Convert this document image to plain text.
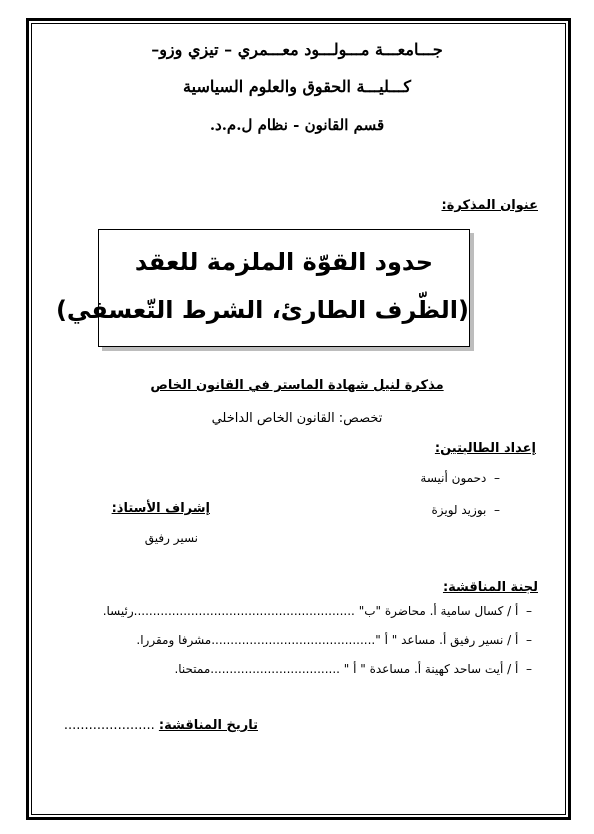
جـــامعـــة مـــولـــود معـــمري – تيزي وزو–
كـــليـــة الحقوق والعلوم السياسية
قسم القانون - نظام ل.م.د.
عنوان المذكرة:
حدود القوّة الملزمة للعقد
(الظّرف الطارئ، الشرط التّعسفي)
مذكرة لنيل شهادة الماستر في القانون الخاص
تخصص: القانون الخاص الداخلي
إعداد الطالبتين:
–  دحمون أنيسة
–  بوزيد لويزة
إشراف الأستاذ:
نسير رفيق
لجنة المناقشة:
–  أ / كسال سامية أ. محاضرة "ب" ..........................................................رئيسا.
–  أ / نسير رفيق أ. مساعد " أ "...........................................مشرفا ومقررا.
–  أ / أيت ساحد كهينة أ. مساعدة " أ " ..................................ممتحنا.
تاريخ المناقشة: ......................
